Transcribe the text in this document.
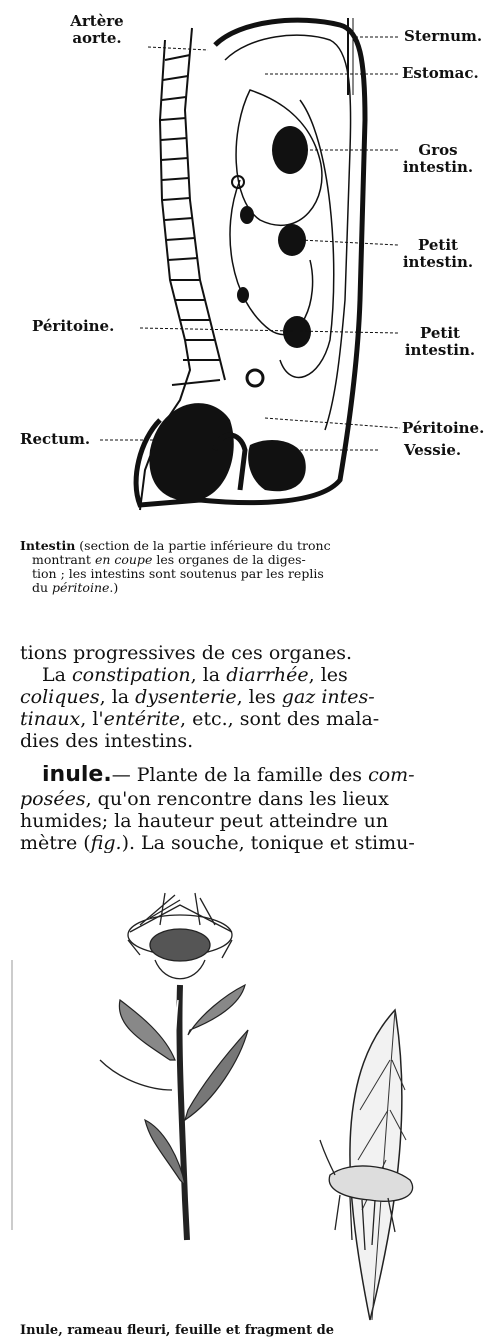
Artère
aorte.	Sternum.
Estomac.
Gros
intestin.
Petit
intestin.
Péritoine.	Petit
intestin.
Péritoine.
Rectum.
Vessie.
Intestin (section de la partie inférieure du tronc
montrant en coupe les organes de la diges-
tion ; les intestins sont soutenus par les replis
du péritoine.)
tions progressives de ces organes.
La constipation, la diarrhée, les
coliques, la dysenterie, les gaz intes-
tinaux, l'entérite, etc., sont des mala-
dies des intestins.
inule.— Plante de la famille des com-
posées, qu'on rencontre dans les lieux
humides; la hauteur peut atteindre un
mètre (fig.). La souche, tonique et stimu-
Inule, rameau fleuri, feuille et fragment de
